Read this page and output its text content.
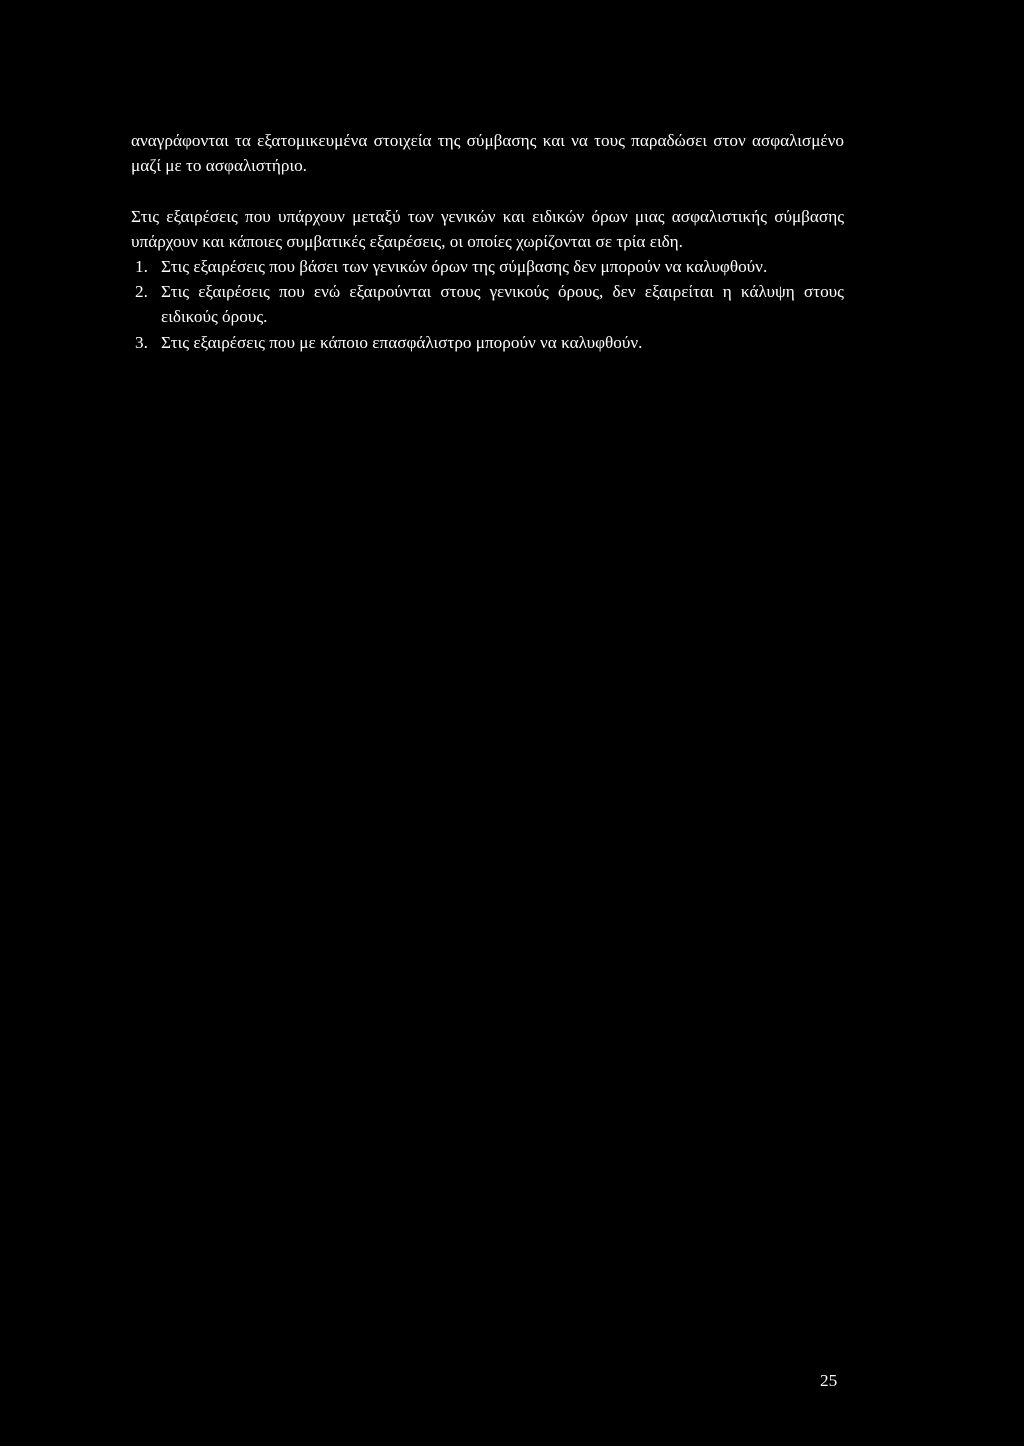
αναγράφονται τα εξατομικευμένα στοιχεία της σύμβασης και να τους παραδώσει στον ασφαλισμένο μαζί με το ασφαλιστήριο.

Στις εξαιρέσεις που υπάρχουν μεταξύ των γενικών και ειδικών όρων μιας ασφαλιστικής σύμβασης υπάρχουν και κάποιες συμβατικές εξαιρέσεις, οι οποίες χωρίζονται σε τρία ειδη.

1. Στις εξαιρέσεις που βάσει των γενικών όρων της σύμβασης δεν μπορούν να καλυφθούν.
2. Στις εξαιρέσεις που ενώ εξαιρούνται στους γενικούς όρους, δεν εξαιρείται η κάλυψη στους ειδικούς όρους.
3. Στις εξαιρέσεις που με κάποιο επασφάλιστρο μπορούν να καλυφθούν.
25
